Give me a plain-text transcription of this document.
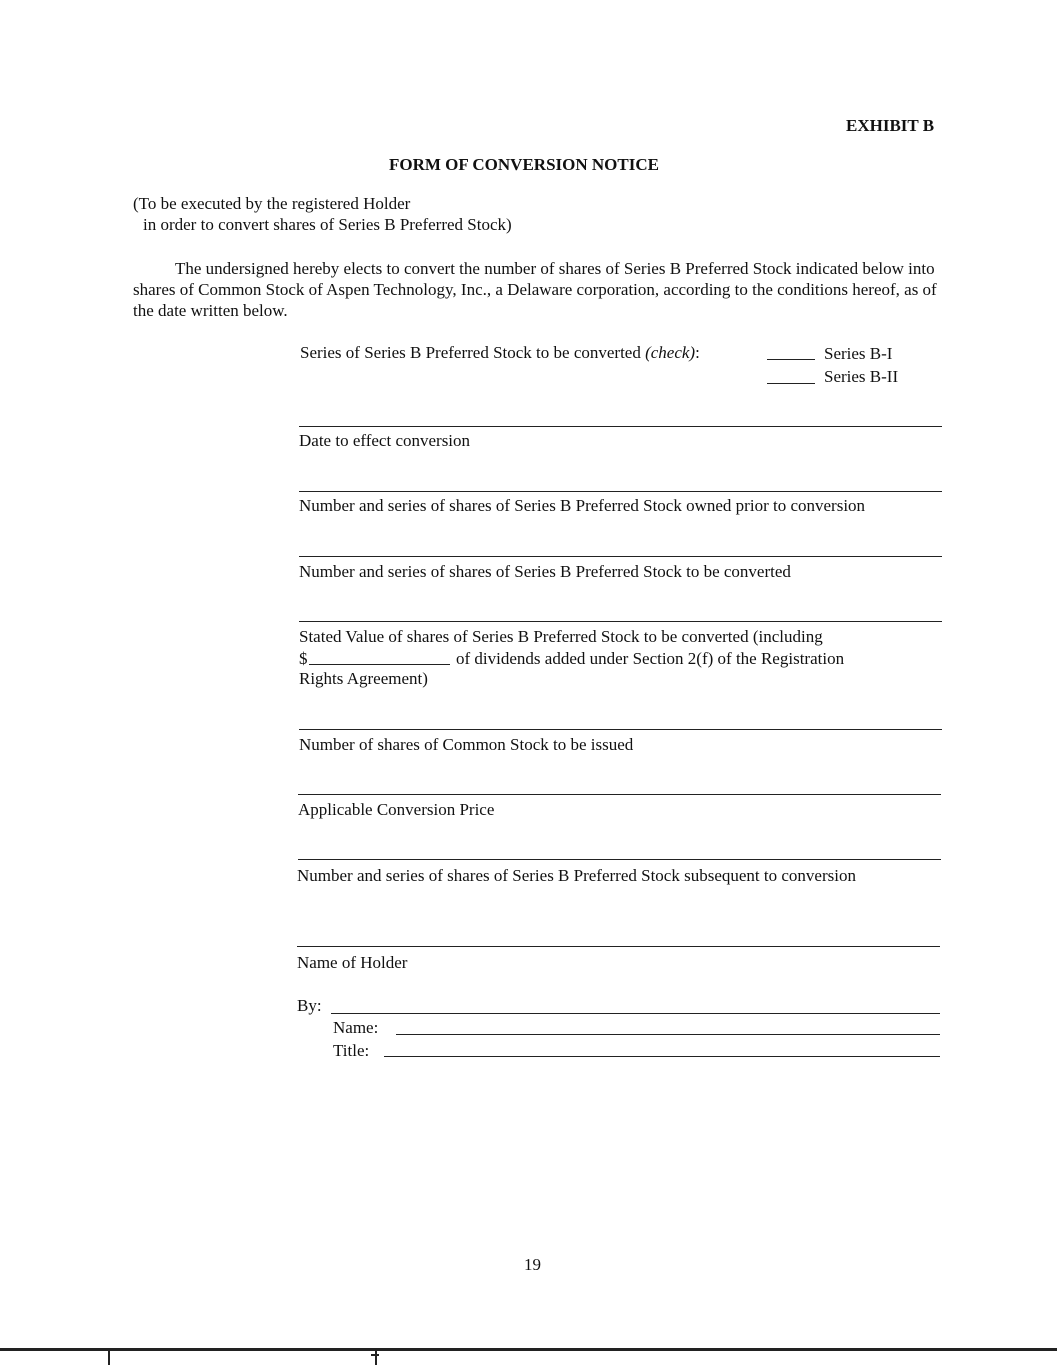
EXHIBIT B
FORM OF CONVERSION NOTICE
(To be executed by the registered Holder
in order to convert shares of Series B Preferred Stock)
The undersigned hereby elects to convert the number of shares of Series B Preferred Stock indicated below into shares of Common Stock of Aspen Technology, Inc., a Delaware corporation, according to the conditions hereof, as of the date written below.
Series of Series B Preferred Stock to be converted (check):	Series B-I
Series B-II
Date to effect conversion
Number and series of shares of Series B Preferred Stock owned prior to conversion
Number and series of shares of Series B Preferred Stock to be converted
Stated Value of shares of Series B Preferred Stock to be converted (including
$	of dividends added under Section 2(f) of the Registration
Rights Agreement)
Number of shares of Common Stock to be issued
Applicable Conversion Price
Number and series of shares of Series B Preferred Stock subsequent to conversion
Name of Holder
By:
Name:
Title:
19
